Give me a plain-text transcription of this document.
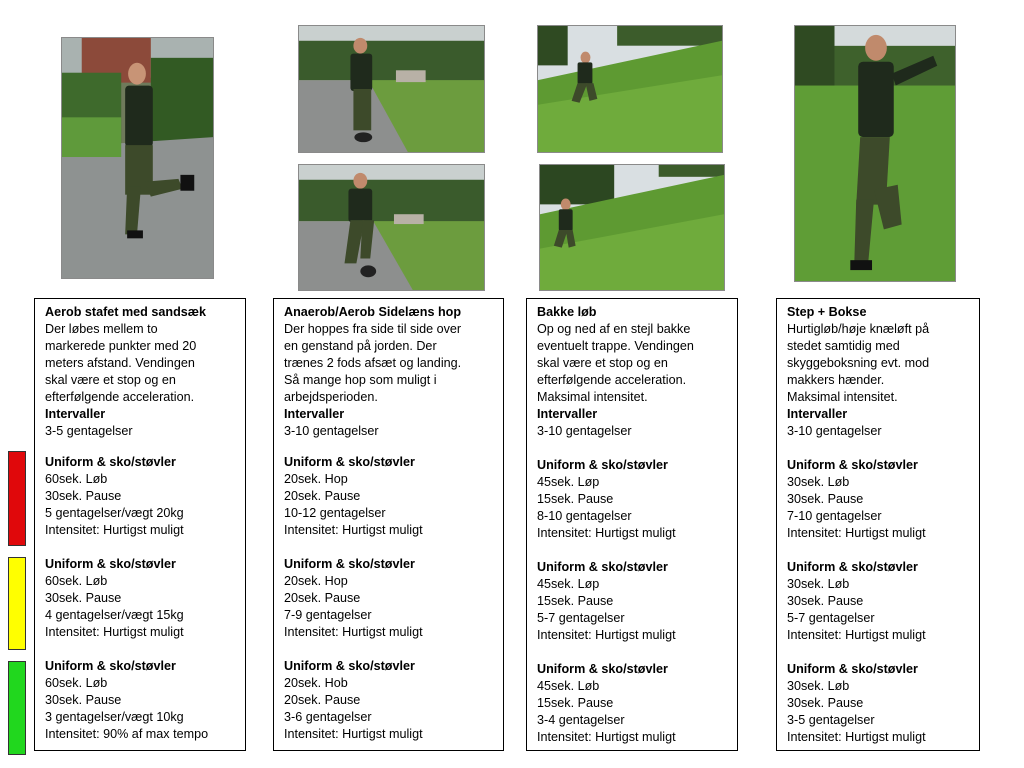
Aerob stafet med sandsæk
Der løbes mellem to
markerede punkter med 20
meters afstand. Vendingen
skal være et stop og en
efterfølgende acceleration.
Intervaller
3-5 gentagelser
Uniform & sko/støvler
60sek. Løb
30sek. Pause
5 gentagelser/vægt 20kg
Intensitet: Hurtigst muligt
Uniform & sko/støvler
60sek. Løb
30sek. Pause
4 gentagelser/vægt 15kg
Intensitet: Hurtigst muligt
Uniform & sko/støvler
60sek. Løb
30sek. Pause
3 gentagelser/vægt 10kg
Intensitet: 90% af max tempo
Anaerob/Aerob Sidelæns hop
Der hoppes fra side til side over
en genstand på jorden. Der
trænes 2 fods afsæt og landing.
Så mange hop som muligt i
arbejdsperioden.
Intervaller
3-10 gentagelser
Uniform & sko/støvler
20sek. Hop
20sek. Pause
10-12 gentagelser
Intensitet: Hurtigst muligt
Uniform & sko/støvler
20sek. Hop
20sek. Pause
7-9 gentagelser
Intensitet: Hurtigst muligt
Uniform & sko/støvler
20sek. Hob
20sek. Pause
3-6 gentagelser
Intensitet: Hurtigst muligt
Bakke løb
Op og ned af en stejl bakke
eventuelt trappe. Vendingen
skal være et stop og en
efterfølgende acceleration.
Maksimal intensitet.
Intervaller
3-10 gentagelser
Uniform & sko/støvler
45sek. Løp
15sek. Pause
8-10 gentagelser
Intensitet: Hurtigst muligt
Uniform & sko/støvler
45sek. Løp
15sek. Pause
5-7 gentagelser
Intensitet: Hurtigst muligt
Uniform & sko/støvler
45sek. Løb
15sek. Pause
3-4 gentagelser
Intensitet: Hurtigst muligt
Step + Bokse
Hurtigløb/høje knæløft på
stedet samtidig med
skyggeboksning evt. mod
makkers hænder.
Maksimal intensitet.
Intervaller
3-10 gentagelser
Uniform & sko/støvler
30sek. Løb
30sek. Pause
7-10 gentagelser
Intensitet: Hurtigst muligt
Uniform & sko/støvler
30sek. Løb
30sek. Pause
5-7 gentagelser
Intensitet: Hurtigst muligt
Uniform & sko/støvler
30sek. Løb
30sek. Pause
3-5 gentagelser
Intensitet: Hurtigst muligt
